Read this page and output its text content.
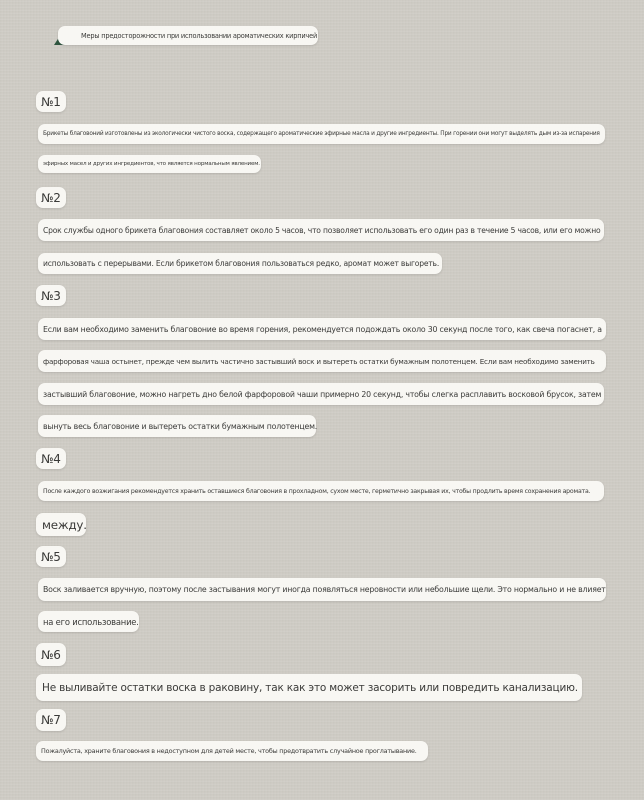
Меры предосторожности при использовании ароматических кирпичей
№1
Брикеты благовоний изготовлены из экологически чистого воска, содержащего ароматические эфирные масла и другие ингредиенты. При горении они могут выделять дым из-за испарения
эфирных масел и других ингредиентов, что является нормальным явлением.
№2
Срок службы одного брикета благовония составляет около 5 часов, что позволяет использовать его один раз в течение 5 часов, или его можно
использовать с перерывами. Если брикетом благовония пользоваться редко, аромат может выгореть.
№3
Если вам необходимо заменить благовоние во время горения, рекомендуется подождать около 30 секунд после того, как свеча погаснет, а
фарфоровая чаша остынет, прежде чем вылить частично застывший воск и вытереть остатки бумажным полотенцем. Если вам необходимо заменить
застывший благовоние, можно нагреть дно белой фарфоровой чаши примерно 20 секунд, чтобы слегка расплавить восковой брусок, затем
вынуть весь благовоние и вытереть остатки бумажным полотенцем.
№4
После каждого возжигания рекомендуется хранить оставшиеся благовония в прохладном, сухом месте, герметично закрывая их, чтобы продлить время сохранения аромата.
между.
№5
Воск заливается вручную, поэтому после застывания могут иногда появляться неровности или небольшие щели. Это нормально и не влияет
на его использование.
№6
Не выливайте остатки воска в раковину, так как это может засорить или повредить канализацию.
№7
Пожалуйста, храните благовония в недоступном для детей месте, чтобы предотвратить случайное проглатывание.
